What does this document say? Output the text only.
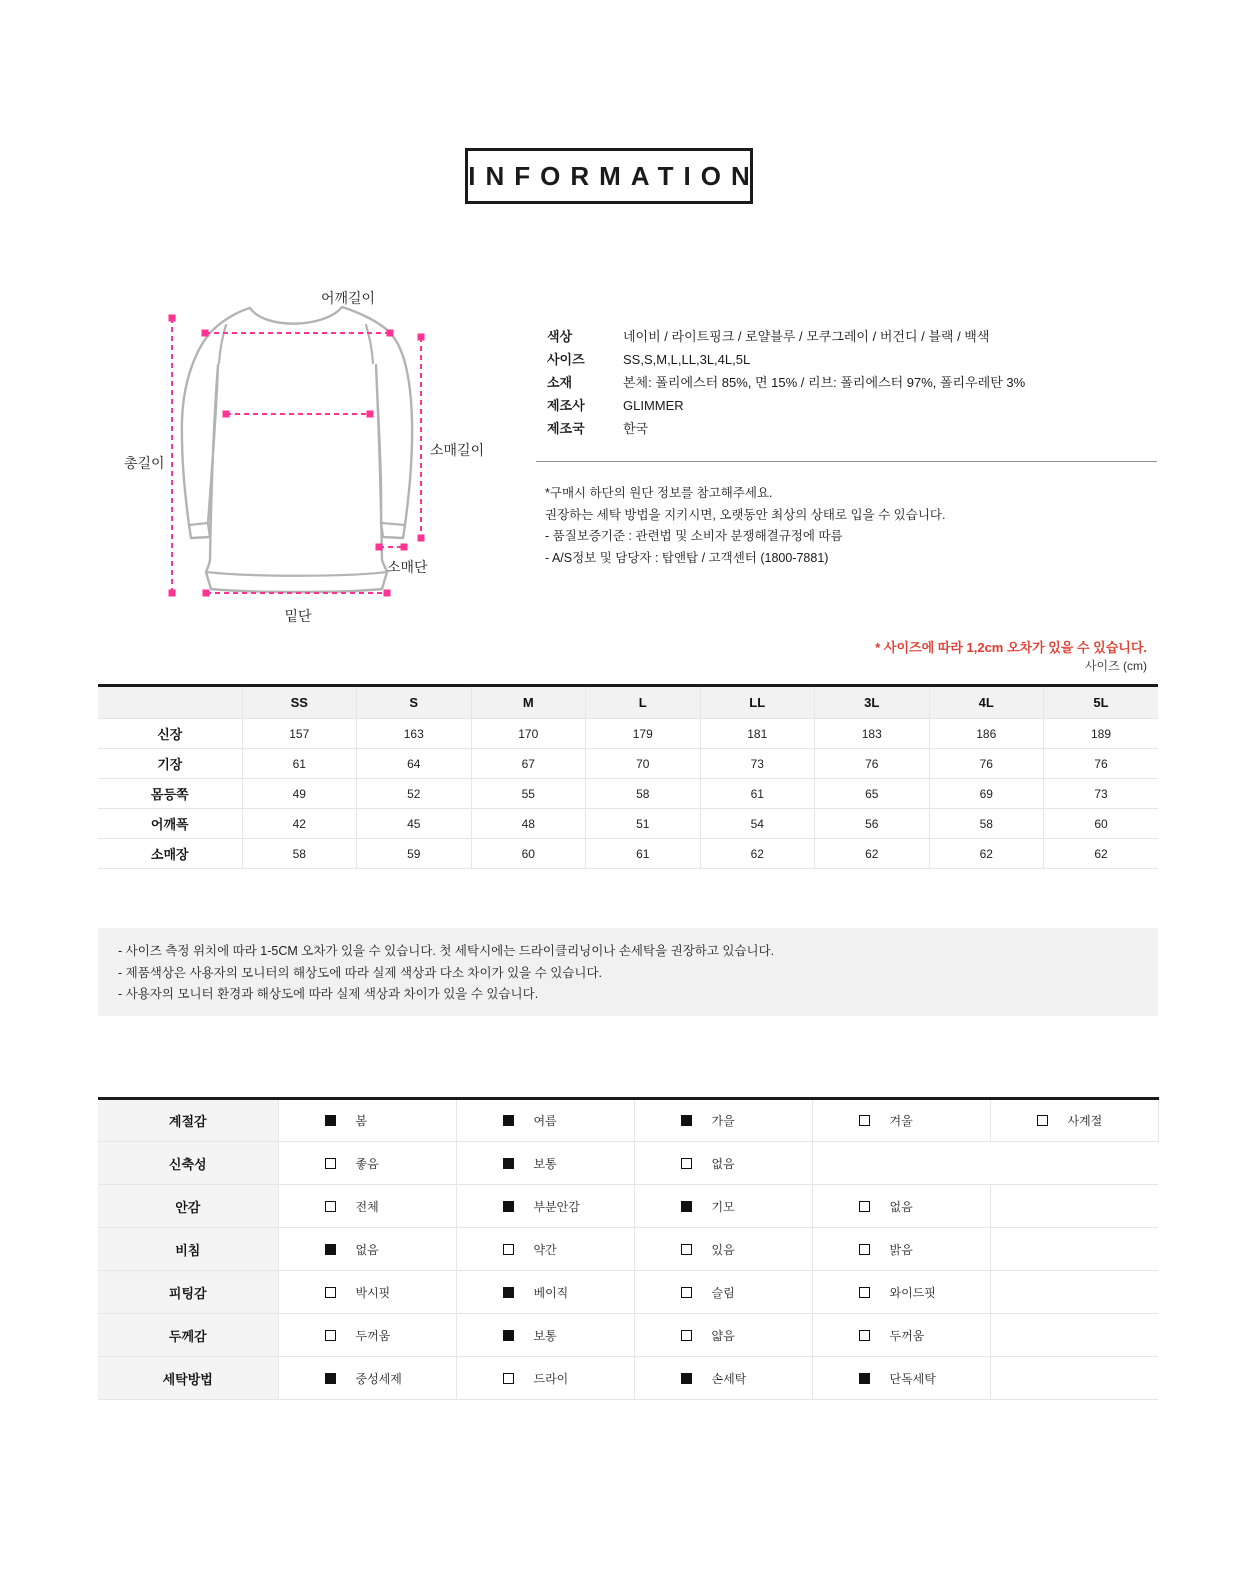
INFORMATION
어깨길이
총길이
소매길이
소매단
밑단
색상	네이비 / 라이트핑크 / 로얄블루 / 모쿠그레이 / 버건디 / 블랙 / 백색
사이즈	SS,S,M,L,LL,3L,4L,5L
소재	본체: 폴리에스터 85%, 면 15% / 리브: 폴리에스터 97%, 폴리우레탄 3%
제조사	GLIMMER
제조국	한국
*구매시 하단의 원단 정보를 참고해주세요.
권장하는 세탁 방법을 지키시면, 오랫동안 최상의 상태로 입을 수 있습니다.
- 품질보증기준 : 관련법 및 소비자 분쟁해결규정에 따름
- A/S정보 및 담당자 : 탑앤탑 / 고객센터 (1800-7881)
* 사이즈에 따라 1,2cm 오차가 있을 수 있습니다.
사이즈 (cm)
	SS	S	M	L	LL	3L	4L	5L
신장	157	163	170	179	181	183	186	189
기장	61	64	67	70	73	76	76	76
몸등쪽	49	52	55	58	61	65	69	73
어깨폭	42	45	48	51	54	56	58	60
소매장	58	59	60	61	62	62	62	62
- 사이즈 측정 위치에 따라 1-5CM 오차가 있을 수 있습니다. 첫 세탁시에는 드라이클리닝이나 손세탁을 권장하고 있습니다.
- 제품색상은 사용자의 모니터의 해상도에 따라 실제 색상과 다소 차이가 있을 수 있습니다.
- 사용자의 모니터 환경과 해상도에 따라 실제 색상과 차이가 있을 수 있습니다.
계절감	봄	여름	가을	겨울	사계절
신축성	좋음	보통	없음		
안감	전체	부분안감	기모	없음	
비침	없음	약간	있음	밝음	
피팅감	박시핏	베이직	슬림	와이드핏	
두께감	두꺼움	보통	얇음	두꺼움	
세탁방법	중성세제	드라이	손세탁	단독세탁	
